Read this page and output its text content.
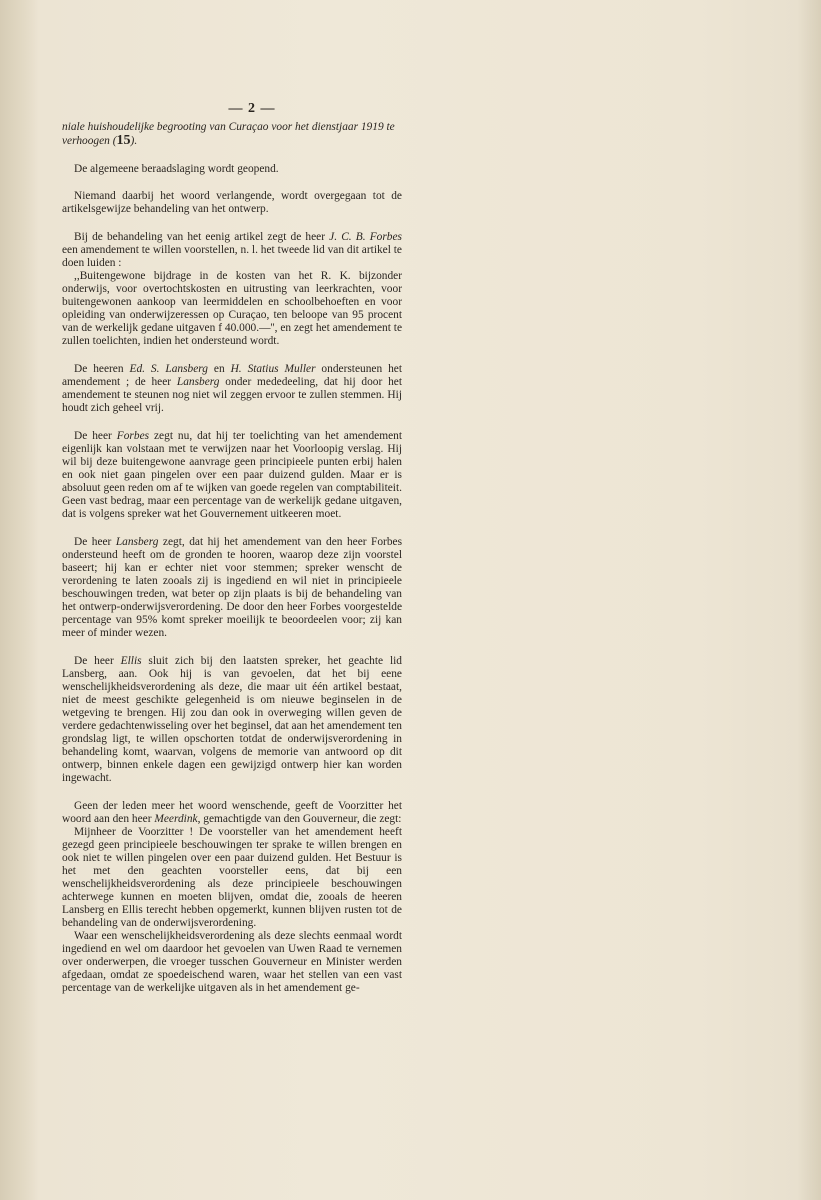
— 2 —
niale huishoudelijke begrooting van Curaçao voor het dienstjaar 1919 te verhoogen (15).

De algemeene beraadslaging wordt geopend.

Niemand daarbij het woord verlangende, wordt overgegaan tot de artikelsgewijze behandeling van het ontwerp.

Bij de behandeling van het eenig artikel zegt de heer J. C. B. Forbes een amendement te willen voorstellen, n. l. het tweede lid van dit artikel te doen luiden :

,,Buitengewone bijdrage in de kosten van het R. K. bijzonder onderwijs, voor overtochtskosten en uitrusting van leerkrachten, voor buitengewonen aankoop van leermiddelen en schoolbehoeften en voor opleiding van onderwijzeressen op Curaçao, ten beloope van 95 procent van de werkelijk gedane uitgaven f 40.000.—'', en zegt het amendement te zullen toelichten, indien het ondersteund wordt.

De heeren Ed. S. Lansberg en H. Statius Muller ondersteunen het amendement ; de heer Lansberg onder mededeeling, dat hij door het amendement te steunen nog niet wil zeggen ervoor te zullen stemmen. Hij houdt zich geheel vrij.

De heer Forbes zegt nu, dat hij ter toelichting van het amendement eigenlijk kan volstaan met te verwijzen naar het Voorloopig verslag. Hij wil bij deze buitengewone aanvrage geen principieele punten erbij halen en ook niet gaan pingelen over een paar duizend gulden. Maar er is absoluut geen reden om af te wijken van goede regelen van comptabiliteit. Geen vast bedrag, maar een percentage van de werkelijk gedane uitgaven, dat is volgens spreker wat het Gouvernement uitkeeren moet.

De heer Lansberg zegt, dat hij het amendement van den heer Forbes ondersteund heeft om de gronden te hooren, waarop deze zijn voorstel baseert; hij kan er echter niet voor stemmen; spreker wenscht de verordening te laten zooals zij is ingediend en wil niet in principieele beschouwingen treden, wat beter op zijn plaats is bij de behandeling van het ontwerp-onderwijsverordening. De door den heer Forbes voorgestelde percentage van 95% komt spreker moeilijk te beoordeelen voor; zij kan meer of minder wezen.

De heer Ellis sluit zich bij den laatsten spreker, het geachte lid Lansberg, aan. Ook hij is van gevoelen, dat het bij eene wenschelijkheidsverordening als deze, die maar uit één artikel bestaat, niet de meest geschikte gelegenheid is om nieuwe beginselen in de wetgeving te brengen. Hij zou dan ook in overweging willen geven de verdere gedachtenwisseling over het beginsel, dat aan het amendement ten grondslag ligt, te willen opschorten totdat de onderwijsverordening in behandeling komt, waarvan, volgens de memorie van antwoord op dit ontwerp, binnen enkele dagen een gewijzigd ontwerp hier kan worden ingewacht.

Geen der leden meer het woord wenschende, geeft de Voorzitter het woord aan den heer Meerdink, gemachtigde van den Gouverneur, die zegt:

Mijnheer de Voorzitter ! De voorsteller van het amendement heeft gezegd geen principieele beschouwingen ter sprake te willen brengen en ook niet te willen pingelen over een paar duizend gulden. Het Bestuur is het met den geachten voorsteller eens, dat bij een wenschelijkheidsverordening als deze principieele beschouwingen achterwege kunnen en moeten blijven, omdat die, zooals de heeren Lansberg en Ellis terecht hebben opgemerkt, kunnen blijven rusten tot de behandeling van de onderwijsverordening.

Waar een wenschelijkheidsverordening als deze slechts eenmaal wordt ingediend en wel om daardoor het gevoelen van Uwen Raad te vernemen over onderwerpen, die vroeger tusschen Gouverneur en Minister werden afgedaan, omdat ze spoedeischend waren, waar het stellen van een vast percentage van de werkelijke uitgaven als in het amendement ge-
